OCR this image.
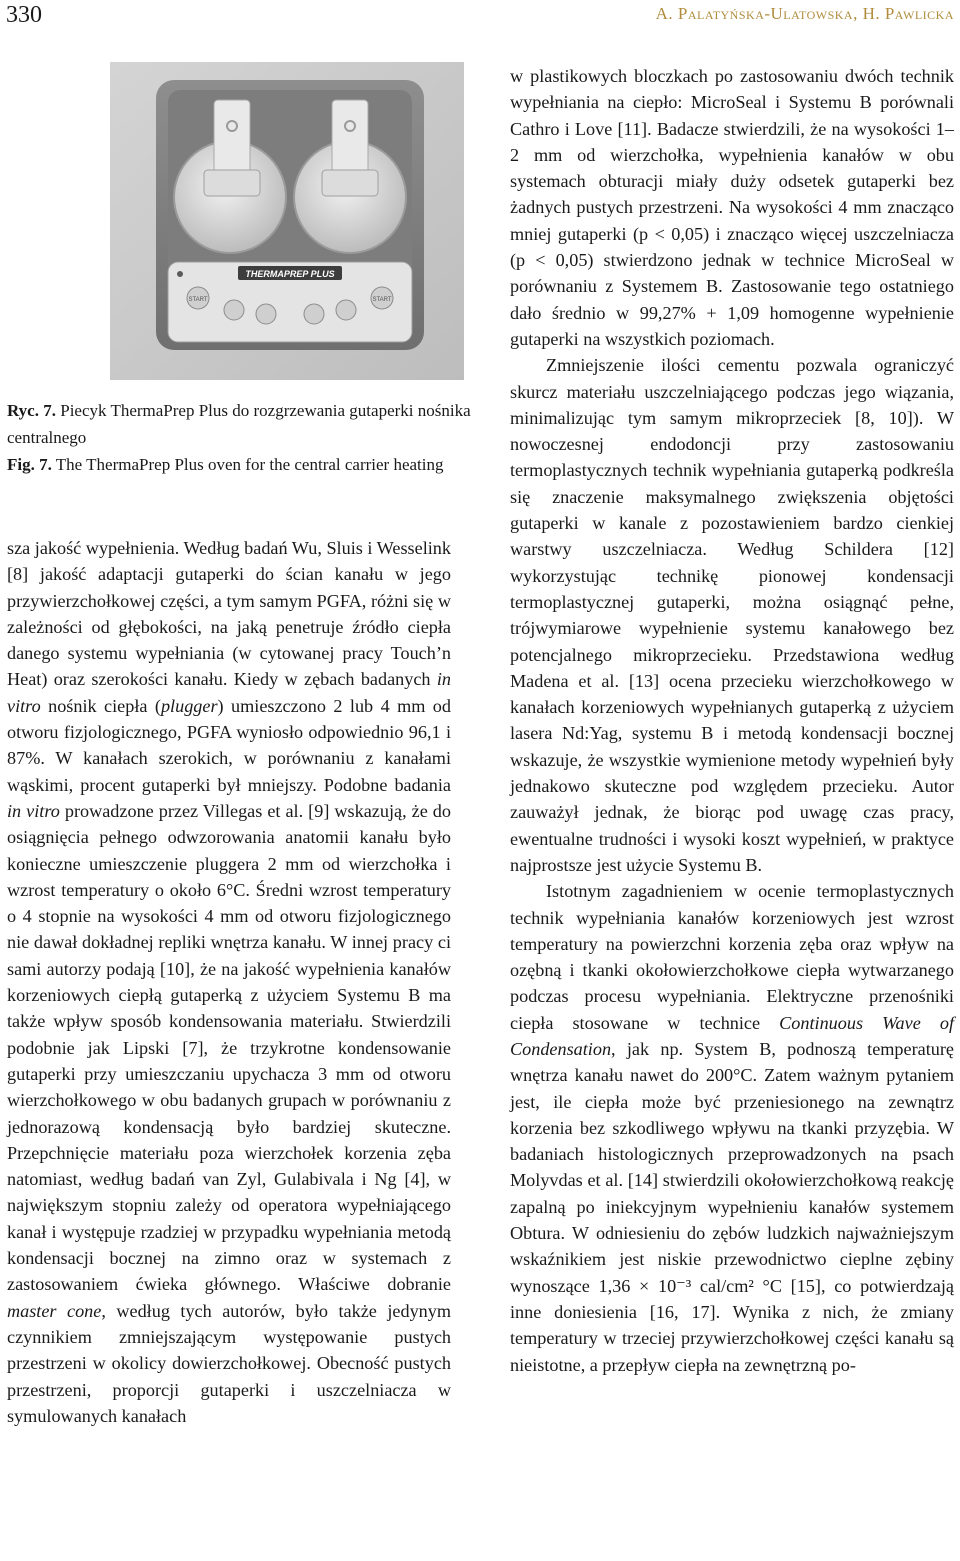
330	A. Palatyńska-Ulatowska, H. Pawlicka
THERMAPREP PLUS
START	START
Ryc. 7. Piecyk ThermaPrep Plus do rozgrzewania gutaperki nośnika centralnego
Fig. 7. The ThermaPrep Plus oven for the central carrier heating

sza jakość wypełnienia. Według badań Wu, Sluis i Wesselink [8] jakość adaptacji gutaperki do ścian kanału w jego przywierzchołkowej części, a tym samym PGFA, różni się w zależności od głębokości, na jaką penetruje źródło ciepła danego systemu wypełniania (w cytowanej pracy Touch’n Heat) oraz szerokości kanału. Kiedy w zębach badanych in vitro nośnik ciepła (plugger) umieszczono 2 lub 4 mm od otworu fizjologicznego, PGFA wyniosło odpowiednio 96,1 i 87%. W kanałach szerokich, w porównaniu z kanałami wąskimi, procent gutaperki był mniejszy. Podobne badania in vitro prowadzone przez Villegas et al. [9] wskazują, że do osiągnięcia pełnego odwzorowania anatomii kanału było konieczne umieszczenie pluggera 2 mm od wierzchołka i wzrost temperatury o około 6°C. Średni wzrost temperatury o 4 stopnie na wysokości 4 mm od otworu fizjologicznego nie dawał dokładnej repliki wnętrza kanału. W innej pracy ci sami autorzy podają [10], że na jakość wypełnienia kanałów korzeniowych ciepłą gutaperką z użyciem Systemu B ma także wpływ sposób kondensowania materiału. Stwierdzili podobnie jak Lipski [7], że trzykrotne kondensowanie gutaperki przy umieszczaniu upychacza 3 mm od otworu wierzchołkowego w obu badanych grupach w porównaniu z jednorazową kondensacją było bardziej skuteczne. Przepchnięcie materiału poza wierzchołek korzenia zęba natomiast, według badań van Zyl, Gulabivala i Ng [4], w największym stopniu zależy od operatora wypełniającego kanał i występuje rzadziej w przypadku wypełniania metodą kondensacji bocznej na zimno oraz w systemach z zastosowaniem ćwieka głównego. Właściwe dobranie master cone, według tych autorów, było także jedynym czynnikiem zmniejszającym występowanie pustych przestrzeni w okolicy dowierzchołkowej. Obecność pustych przestrzeni, proporcji gutaperki i uszczelniacza w symulowanych kanałach

w plastikowych bloczkach po zastosowaniu dwóch technik wypełniania na ciepło: MicroSeal i Systemu B porównali Cathro i Love [11]. Badacze stwierdzili, że na wysokości 1–2 mm od wierzchołka, wypełnienia kanałów w obu systemach obturacji miały duży odsetek gutaperki bez żadnych pustych przestrzeni. Na wysokości 4 mm znacząco mniej gutaperki (p < 0,05) i znacząco więcej uszczelniacza (p < 0,05) stwierdzono jednak w technice MicroSeal w porównaniu z Systemem B. Zastosowanie tego ostatniego dało średnio w 99,27% + 1,09 homogenne wypełnienie gutaperki na wszystkich poziomach.

Zmniejszenie ilości cementu pozwala ograniczyć skurcz materiału uszczelniającego podczas jego wiązania, minimalizując tym samym mikroprzeciek [8, 10]). W nowoczesnej endodoncji przy zastosowaniu termoplastycznych technik wypełniania gutaperką podkreśla się znaczenie maksymalnego zwiększenia objętości gutaperki w kanale z pozostawieniem bardzo cienkiej warstwy uszczelniacza. Według Schildera [12] wykorzystując technikę pionowej kondensacji termoplastycznej gutaperki, można osiągnąć pełne, trójwymiarowe wypełnienie systemu kanałowego bez potencjalnego mikroprzecieku. Przedstawiona według Madena et al. [13] ocena przecieku wierzchołkowego w kanałach korzeniowych wypełnianych gutaperką z użyciem lasera Nd:Yag, systemu B i metodą kondensacji bocznej wskazuje, że wszystkie wymienione metody wypełnień były jednakowo skuteczne pod względem przecieku. Autor zauważył jednak, że biorąc pod uwagę czas pracy, ewentualne trudności i wysoki koszt wypełnień, w praktyce najprostsze jest użycie Systemu B.

Istotnym zagadnieniem w ocenie termoplastycznych technik wypełniania kanałów korzeniowych jest wzrost temperatury na powierzchni korzenia zęba oraz wpływ na ozębną i tkanki okołowierzchołkowe ciepła wytwarzanego podczas procesu wypełniania. Elektryczne przenośniki ciepła stosowane w technice Continuous Wave of Condensation, jak np. System B, podnoszą temperaturę wnętrza kanału nawet do 200°C. Zatem ważnym pytaniem jest, ile ciepła może być przeniesionego na zewnątrz korzenia bez szkodliwego wpływu na tkanki przyzębia. W badaniach histologicznych przeprowadzonych na psach Molyvdas et al. [14] stwierdzili okołowierzchołkową reakcję zapalną po iniekcyjnym wypełnieniu kanałów systemem Obtura. W odniesieniu do zębów ludzkich najważniejszym wskaźnikiem jest niskie przewodnictwo cieplne zębiny wynoszące 1,36 × 10⁻³ cal/cm² °C [15], co potwierdzają inne doniesienia [16, 17]. Wynika z nich, że zmiany temperatury w trzeciej przywierzchołkowej części kanału są nieistotne, a przepływ ciepła na zewnętrzną po-
